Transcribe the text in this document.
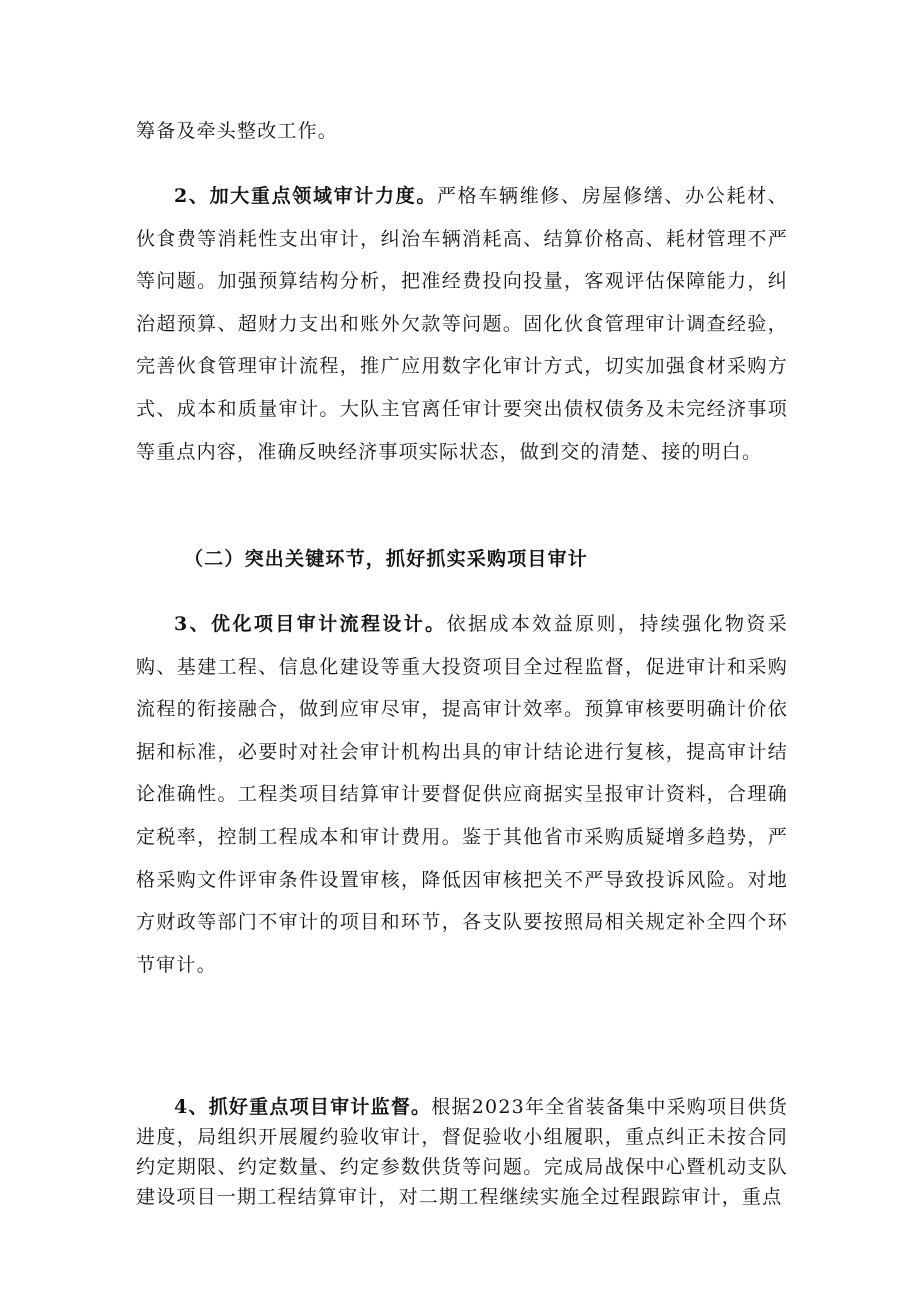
筹备及牵头整改工作。

2、加大重点领域审计力度。严格车辆维修、房屋修缮、办公耗材、伙食费等消耗性支出审计，纠治车辆消耗高、结算价格高、耗材管理不严等问题。加强预算结构分析，把准经费投向投量，客观评估保障能力，纠治超预算、超财力支出和账外欠款等问题。固化伙食管理审计调查经验，完善伙食管理审计流程，推广应用数字化审计方式，切实加强食材采购方式、成本和质量审计。大队主官离任审计要突出债权债务及未完经济事项等重点内容，准确反映经济事项实际状态，做到交的清楚、接的明白。

（二）突出关键环节，抓好抓实采购项目审计

3、优化项目审计流程设计。依据成本效益原则，持续强化物资采购、基建工程、信息化建设等重大投资项目全过程监督，促进审计和采购流程的衔接融合，做到应审尽审，提高审计效率。预算审核要明确计价依据和标准，必要时对社会审计机构出具的审计结论进行复核，提高审计结论准确性。工程类项目结算审计要督促供应商据实呈报审计资料，合理确定税率，控制工程成本和审计费用。鉴于其他省市采购质疑增多趋势，严格采购文件评审条件设置审核，降低因审核把关不严导致投诉风险。对地方财政等部门不审计的项目和环节，各支队要按照局相关规定补全四个环节审计。

4、抓好重点项目审计监督。根据2023年全省装备集中采购项目供货进度，局组织开展履约验收审计，督促验收小组履职，重点纠正未按合同约定期限、约定数量、约定参数供货等问题。完成局战保中心暨机动支队建设项目一期工程结算审计，对二期工程继续实施全过程跟踪审计，重点
